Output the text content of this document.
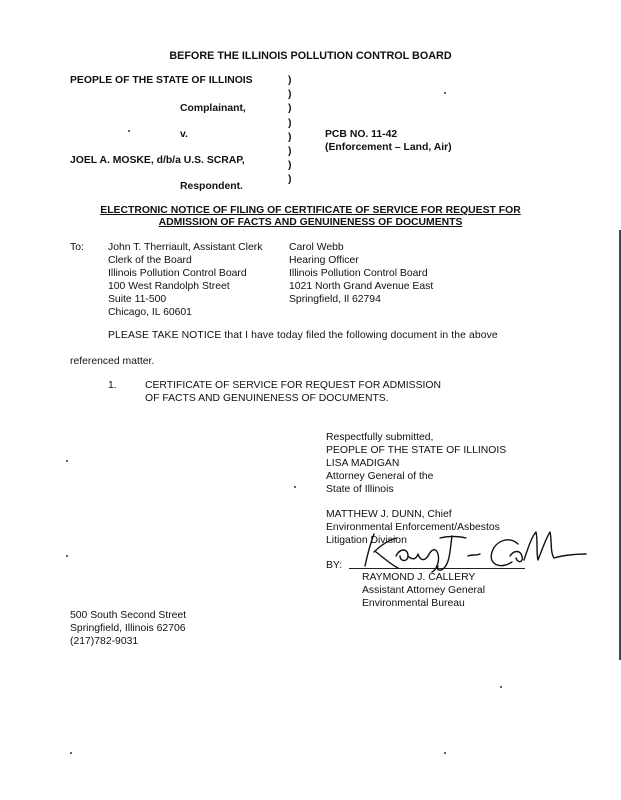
BEFORE THE ILLINOIS POLLUTION CONTROL BOARD
PEOPLE OF THE STATE OF ILLINOIS
Complainant,
v.
JOEL A. MOSKE, d/b/a U.S. SCRAP,
Respondent.
)
)
)
)
)
)
)
)
PCB NO. 11-42
(Enforcement – Land, Air)
ELECTRONIC NOTICE OF FILING OF CERTIFICATE OF SERVICE FOR REQUEST FOR
ADMISSION OF FACTS AND GENUINENESS OF DOCUMENTS
To: John T. Therriault, Assistant Clerk
Clerk of the Board
Illinois Pollution Control Board
100 West Randolph Street
Suite 11-500
Chicago, IL 60601
Carol Webb
Hearing Officer
Illinois Pollution Control Board
1021 North Grand Avenue East
Springfield, Il 62794
PLEASE TAKE NOTICE that I have today filed the following document in the above
referenced matter.
1.	CERTIFICATE OF SERVICE FOR REQUEST FOR ADMISSION
OF FACTS AND GENUINENESS OF DOCUMENTS.
Respectfully submitted,
PEOPLE OF THE STATE OF ILLINOIS
LISA MADIGAN
Attorney General of the
State of Illinois
MATTHEW J. DUNN, Chief
Environmental Enforcement/Asbestos
Litigation Division
BY:
RAYMOND J. CALLERY
Assistant Attorney General
Environmental Bureau
500 South Second Street
Springfield, Illinois 62706
(217)782-9031
